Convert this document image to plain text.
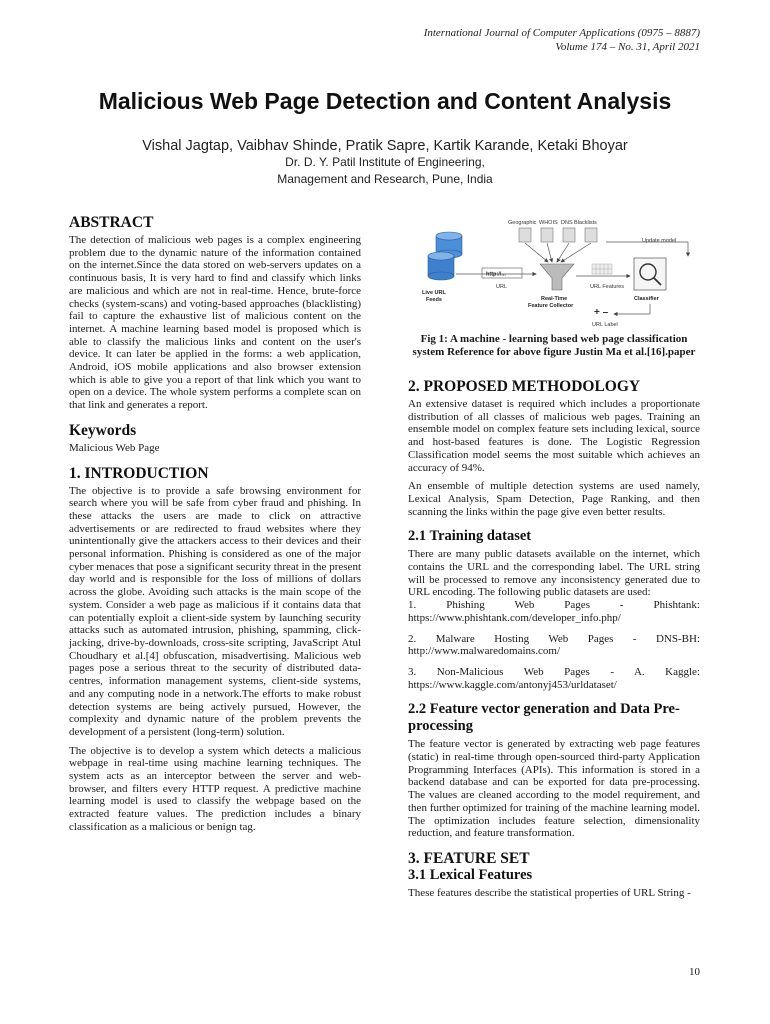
International Journal of Computer Applications (0975 – 8887)
Volume 174 – No. 31, April 2021
Malicious Web Page Detection and Content Analysis
Vishal Jagtap, Vaibhav Shinde, Pratik Sapre, Kartik Karande, Ketaki Bhoyar
Dr. D. Y. Patil Institute of Engineering,
Management and Research, Pune, India
ABSTRACT

The detection of malicious web pages is a complex engineering problem due to the dynamic nature of the information contained on the internet.Since the data stored on web-servers updates on a continuous basis, It is very hard to find and classify which links are malicious and which are not in real-time. Hence, brute-force checks (system-scans) and voting-based approaches (blacklisting) fail to capture the exhaustive list of malicious content on the internet. A machine learning based model is proposed which is able to classify the malicious links and content on the user's device. It can later be applied in the forms: a web application, Android, iOS mobile applications and also browser extension which is able to give you a report of that link which you want to open on a device. The whole system performs a complete scan on that link and generates a report.

Keywords

Malicious Web Page

1. INTRODUCTION

The objective is to provide a safe browsing environment for search where you will be safe from cyber fraud and phishing. In these attacks the users are made to click on attractive advertisements or are redirected to fraud websites where they unintentionally give the attackers access to their devices and their personal information. Phishing is considered as one of the major cyber menaces that pose a significant security threat in the present day world and is responsible for the loss of millions of dollars across the globe. Avoiding such attacks is the main scope of the system. Consider a web page as malicious if it contains data that can potentially exploit a client-side system by launching security attacks such as automated intrusion, phishing, spamming, click-jacking, drive-by-downloads, cross-site scripting, JavaScript Atul Choudhary et al.[4] obfuscation, misadvertising. Malicious web pages pose a serious threat to the security of distributed data-centres, information management systems, client-side systems, and any computing node in a network.The efforts to make robust detection systems are being actively pursued, However, the complexity and dynamic nature of the problem prevents the development of a persistent (long-term) solution.

The objective is to develop a system which detects a malicious webpage in real-time using machine learning techniques. The system acts as an interceptor between the server and web-browser, and filters every HTTP request. A predictive machine learning model is used to classify the webpage based on the extracted feature values. The prediction includes a binary classification as a malicious or benign tag.

Geographic WHOIS DNS Blacklists
Update model
Live URL
Feeds
http://...
URL
Real-Time
Feature Collector
URL Features
Classifier
+ –
URL Label

Fig 1: A machine - learning based web page classification system Reference for above figure Justin Ma et al.[16].paper

2. PROPOSED METHODOLOGY

An extensive dataset is required which includes a proportionate distribution of all classes of malicious web pages. Training an ensemble model on complex feature sets including lexical, source and host-based features is done. The Logistic Regression Classification model seems the most suitable which achieves an accuracy of 94%.

An ensemble of multiple detection systems are used namely, Lexical Analysis, Spam Detection, Page Ranking, and then scanning the links within the page give even better results.

2.1 Training dataset

There are many public datasets available on the internet, which contains the URL and the corresponding label. The URL string will be processed to remove any inconsistency generated due to URL encoding. The following public datasets are used:

1. Phishing Web Pages - Phishtank:

https://www.phishtank.com/developer_info.php/

2. Malware Hosting Web Pages - DNS-BH:

http://www.malwaredomains.com/

3. Non-Malicious Web Pages - A. Kaggle:

https://www.kaggle.com/antonyj453/urldataset/

2.2 Feature vector generation and Data Pre-processing

The feature vector is generated by extracting web page features (static) in real-time through open-sourced third-party Application Programming Interfaces (APIs). This information is stored in a backend database and can be exported for data pre-processing. The values are cleaned according to the model requirement, and then further optimized for training of the machine learning model. The optimization includes feature selection, dimensionality reduction, and feature transformation.

3. FEATURE SET
3.1 Lexical Features

These features describe the statistical properties of URL String -

10
